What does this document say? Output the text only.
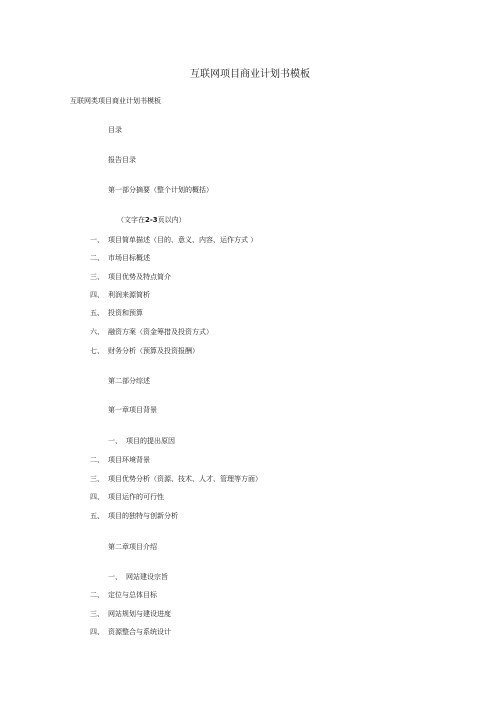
互联网项目商业计划书模板
互联网类项目商业计划书模板
目录
报告目录
第一部分摘要（整个计划的概括）
（文字在2-3页以内）
一、 项目简单描述（目的、意义、内容、运作方式 ）
二、 市场目标概述
三、 项目优势及特点简介
四、 利润来源简析
五、 投资和预算
六、 融资方案（资金筹措及投资方式）
七、 财务分析（预算及投资报酬）
第二部分综述
第一章项目背景
一、 项目的提出原因
二、 项目环境背景
三、 项目优势分析（资源、技术、人才、管理等方面）
四、 项目运作的可行性
五、 项目的独特与创新分析
第二章项目介绍
一、 网站建设宗旨
二、 定位与总体目标
三、 网站规划与建设进度
四、 资源整合与系统设计
